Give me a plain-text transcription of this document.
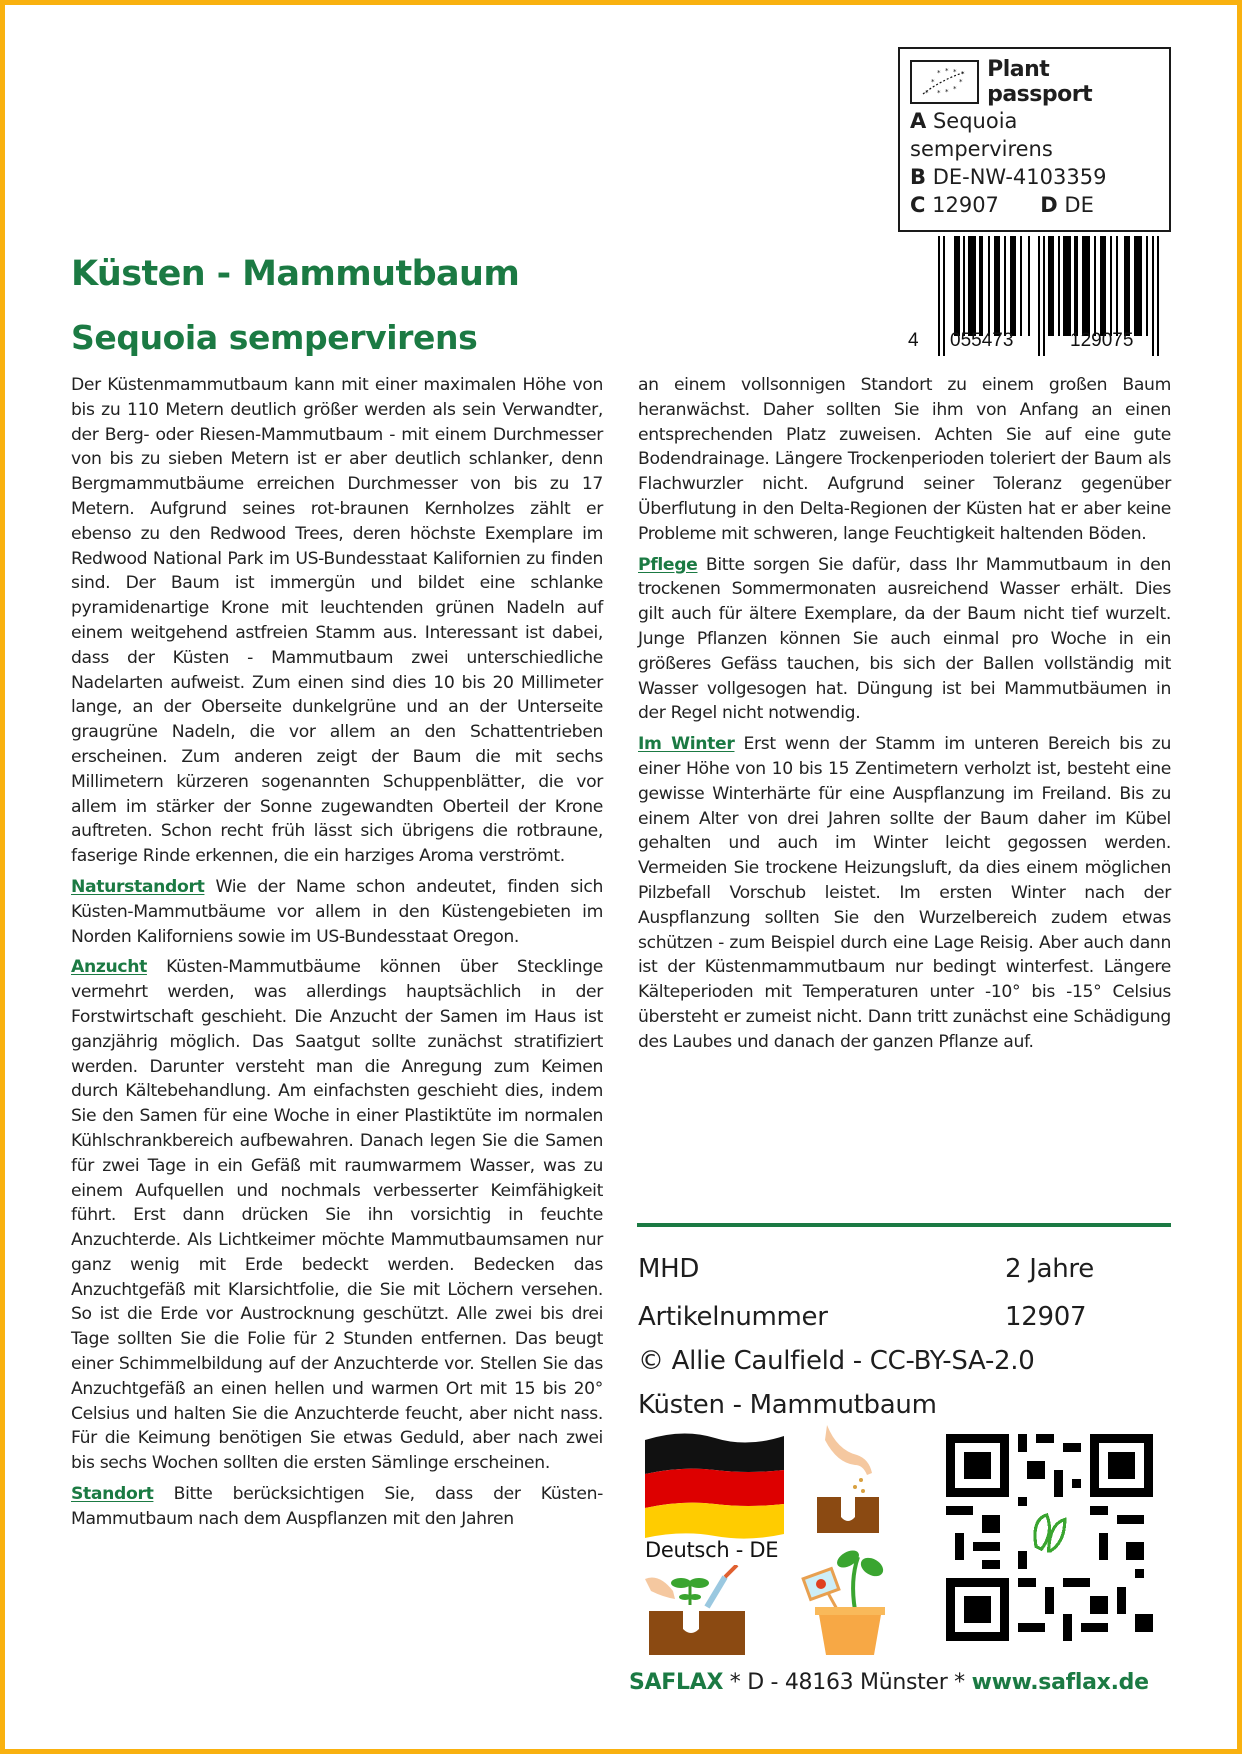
* * * *
*	*
* * * *
Plant passport
A Sequoia
sempervirens
B DE-NW-4103359
C 12907 D DE
4 055473	129075
Küsten - Mammutbaum
Sequoia sempervirens

Der Küstenmammutbaum kann mit einer maximalen Höhe von bis zu 110 Metern deutlich größer werden als sein Verwandter, der Berg- oder Riesen-Mammutbaum - mit einem Durchmesser von bis zu sieben Metern ist er aber deutlich schlanker, denn Bergmammutbäume erreichen Durchmesser von bis zu 17 Metern. Aufgrund seines rot-braunen Kernholzes zählt er ebenso zu den Redwood Trees, deren höchste Exemplare im Redwood National Park im US-Bundesstaat Kalifornien zu finden sind. Der Baum ist immergün und bildet eine schlanke pyramidenartige Krone mit leuchtenden grünen Nadeln auf einem weitgehend astfreien Stamm aus. Interessant ist dabei, dass der Küsten - Mammutbaum zwei unterschiedliche Nadelarten aufweist. Zum einen sind dies 10 bis 20 Millimeter lange, an der Oberseite dunkelgrüne und an der Unterseite graugrüne Nadeln, die vor allem an den Schattentrieben erscheinen. Zum anderen zeigt der Baum die mit sechs Millimetern kürzeren sogenannten Schuppenblätter, die vor allem im stärker der Sonne zugewandten Oberteil der Krone auftreten. Schon recht früh lässt sich übrigens die rotbraune, faserige Rinde erkennen, die ein harziges Aroma verströmt.

Naturstandort Wie der Name schon andeutet, finden sich Küsten-Mammutbäume vor allem in den Küstengebieten im Norden Kaliforniens sowie im US-Bundesstaat Oregon.

Anzucht Küsten-Mammutbäume können über Stecklinge vermehrt werden, was allerdings hauptsächlich in der Forstwirtschaft geschieht. Die Anzucht der Samen im Haus ist ganzjährig möglich. Das Saatgut sollte zunächst stratifiziert werden. Darunter versteht man die Anregung zum Keimen durch Kältebehandlung. Am einfachsten geschieht dies, indem Sie den Samen für eine Woche in einer Plastiktüte im normalen Kühlschrankbereich aufbewahren. Danach legen Sie die Samen für zwei Tage in ein Gefäß mit raumwarmem Wasser, was zu einem Aufquellen und nochmals verbesserter Keimfähigkeit führt. Erst dann drücken Sie ihn vorsichtig in feuchte Anzuchterde. Als Lichtkeimer möchte Mammutbaumsamen nur ganz wenig mit Erde bedeckt werden. Bedecken das Anzuchtgefäß mit Klarsichtfolie, die Sie mit Löchern versehen. So ist die Erde vor Austrocknung geschützt. Alle zwei bis drei Tage sollten Sie die Folie für 2 Stunden entfernen. Das beugt einer Schimmelbildung auf der Anzuchterde vor. Stellen Sie das Anzuchtgefäß an einen hellen und warmen Ort mit 15 bis 20° Celsius und halten Sie die Anzuchterde feucht, aber nicht nass. Für die Keimung benötigen Sie etwas Geduld, aber nach zwei bis sechs Wochen sollten die ersten Sämlinge erscheinen.

Standort Bitte berücksichtigen Sie, dass der Küsten-Mammutbaum nach dem Auspflanzen mit den Jahren

an einem vollsonnigen Standort zu einem großen Baum heranwächst. Daher sollten Sie ihm von Anfang an einen entsprechenden Platz zuweisen. Achten Sie auf eine gute Bodendrainage. Längere Trockenperioden toleriert der Baum als Flachwurzler nicht. Aufgrund seiner Toleranz gegenüber Überflutung in den Delta-Regionen der Küsten hat er aber keine Probleme mit schweren, lange Feuchtigkeit haltenden Böden.

Pflege Bitte sorgen Sie dafür, dass Ihr Mammutbaum in den trockenen Sommermonaten ausreichend Wasser erhält. Dies gilt auch für ältere Exemplare, da der Baum nicht tief wurzelt. Junge Pflanzen können Sie auch einmal pro Woche in ein größeres Gefäss tauchen, bis sich der Ballen vollständig mit Wasser vollgesogen hat. Düngung ist bei Mammutbäumen in der Regel nicht notwendig.

Im Winter Erst wenn der Stamm im unteren Bereich bis zu einer Höhe von 10 bis 15 Zentimetern verholzt ist, besteht eine gewisse Winterhärte für eine Auspflanzung im Freiland. Bis zu einem Alter von drei Jahren sollte der Baum daher im Kübel gehalten und auch im Winter leicht gegossen werden. Vermeiden Sie trockene Heizungsluft, da dies einem möglichen Pilzbefall Vorschub leistet. Im ersten Winter nach der Auspflanzung sollten Sie den Wurzelbereich zudem etwas schützen - zum Beispiel durch eine Lage Reisig. Aber auch dann ist der Küstenmammutbaum nur bedingt winterfest. Längere Kälteperioden mit Temperaturen unter -10° bis -15° Celsius übersteht er zumeist nicht. Dann tritt zunächst eine Schädigung des Laubes und danach der ganzen Pflanze auf.

MHD	2 Jahre
Artikelnummer	12907
© Allie Caulfield - CC-BY-SA-2.0
Küsten - Mammutbaum
Deutsch - DE
SAFLAX * D - 48163 Münster * www.saflax.de
